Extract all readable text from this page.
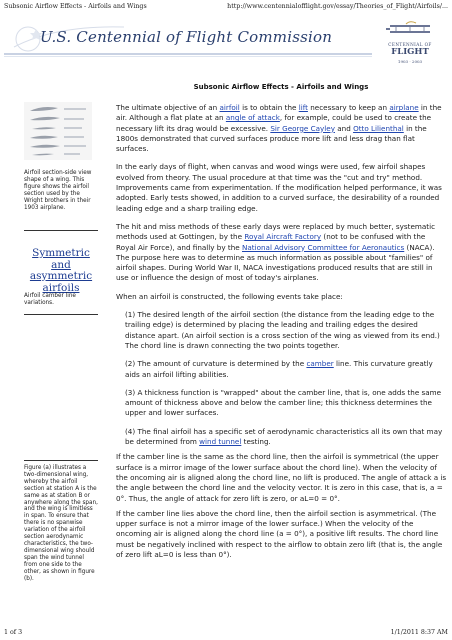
Subsonic Airflow Effects - Airfoils and Wings	http://www.centennialofflight.gov/essay/Theories_of_Flight/Airfoils/...
U.S. Centennial of Flight Commission	CENTENNIAL OF
FLIGHT
1903 · 2003
Subsonic Airflow Effects - Airfoils and Wings
Airfoil section-side view shape of a wing. This figure shows the airfoil section used by the Wright brothers in their 1903 airplane.
Symmetric and
asymmetric
airfoils
Airfoil camber line variations.
Figure (a) illustrates a two-dimensional wing, whereby the airfoil section at station A is the same as at station B or anywhere along the span, and the wing is limitless in span. To ensure that there is no spanwise variation of the airfoil section aerodynamic characteristics, the two-dimensional wing should span the wind tunnel from one side to the other, as shown in figure (b).

The ultimate objective of an airfoil is to obtain the lift necessary to keep an airplane in the air. Although a flat plate at an angle of attack, for example, could be used to create the necessary lift its drag would be excessive. Sir George Cayley and Otto Lilienthal in the 1800s demonstrated that curved surfaces produce more lift and less drag than flat surfaces.

In the early days of flight, when canvas and wood wings were used, few airfoil shapes evolved from theory. The usual procedure at that time was the "cut and try" method. Improvements came from experimentation. If the modification helped performance, it was adopted. Early tests showed, in addition to a curved surface, the desirability of a rounded leading edge and a sharp trailing edge.

The hit and miss methods of these early days were replaced by much better, systematic methods used at Gottingen, by the Royal Aircraft Factory (not to be confused with the Royal Air Force), and finally by the National Advisory Committee for Aeronautics (NACA). The purpose here was to determine as much information as possible about "families" of airfoil shapes. During World War II, NACA investigations produced results that are still in use or influence the design of most of today's airplanes.

When an airfoil is constructed, the following events take place:

(1) The desired length of the airfoil section (the distance from the leading edge to the trailing edge) is determined by placing the leading and trailing edges the desired distance apart. (An airfoil section is a cross section of the wing as viewed from its end.) The chord line is drawn connecting the two points together.

(2) The amount of curvature is determined by the camber line. This curvature greatly aids an airfoil lifting abilities.

(3) A thickness function is "wrapped" about the camber line, that is, one adds the same amount of thickness above and below the camber line; this thickness determines the upper and lower surfaces.

(4) The final airfoil has a specific set of aerodynamic characteristics all its own that may be determined from wind tunnel testing.

If the camber line is the same as the chord line, then the airfoil is symmetrical (the upper surface is a mirror image of the lower surface about the chord line). When the velocity of the oncoming air is aligned along the chord line, no lift is produced. The angle of attack a is the angle between the chord line and the velocity vector. It is zero in this case, that is, a = 0°. Thus, the angle of attack for zero lift is zero, or aL=0 = 0°.

If the camber line lies above the chord line, then the airfoil section is asymmetrical. (The upper surface is not a mirror image of the lower surface.) When the velocity of the oncoming air is aligned along the chord line (a = 0°), a positive lift results. The chord line must be negatively inclined with respect to the airflow to obtain zero lift (that is, the angle of zero lift aL=0 is less than 0°).

1 of 3	1/1/2011 8:37 AM
